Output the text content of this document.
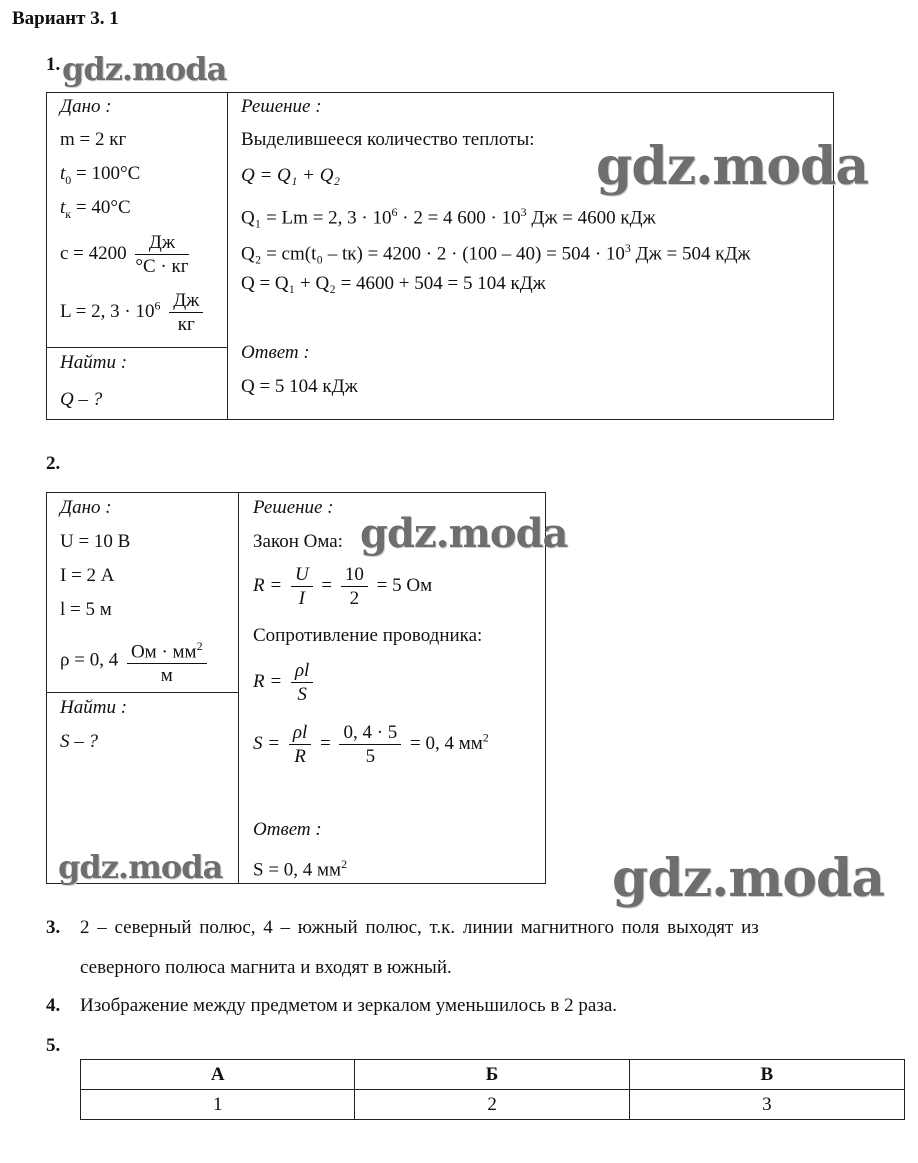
Вариант 3. 1
1. gdz.moda

Дано :
m = 2 кг
$t_0 = 100^\circ С$
$t_к = 40^\circ С$
$c = 4200 \frac{Дж}{^\circ С \cdot кг}$
L = 2, $3 \cdot 10^6 \frac{Дж}{кг}$
Найти :
Q – ?
Решение :
Выделившееся количество теплоты:
Q = Q₁ + Q₂
Q₁ = Lm = 2, $3 \cdot 10^6 \cdot 2 = 4$ $600 \cdot 10^3$ Дж = 4600 кДж
$Q_2 = cm(t_0 - tк) = 4200 \cdot 2 \cdot (100 - 40) = 504 \cdot 10^3$ Дж = 504 кДж
Q = Q₁ + Q₂ = 4600 + 504 = 5 104 кДж
Ответ :
Q = 5 104 кДж
gdz.moda
2.

Дано :
U = 10 В
I = 2 А
l = 5 м
ρ = 0, $4 \frac{Ом \cdot мм^2}{м}$
Найти :
S – ?
gdz.moda
Решение :
Закон Ома: gdz.moda
$R = \frac{U}{I} = \frac{10}{2} = 5$ Ом
Сопротивление проводника:
$R = \frac{\rho l}{S}$
$S = \frac{\rho l}{R} = \frac{0, 4 \cdot 5}{5} = 0$, 4 $мм^2$
Ответ :
S = 0, 4 $мм^2$	gdz.moda
3. 2 – северный полюс, 4 – южный полюс, т.к. линии магнитного поля выходят из
северного полюса магнита и входят в южный.
4. Изображение между предметом и зеркалом уменьшилось в 2 раза.
5.
А	Б	В
1	2	3
